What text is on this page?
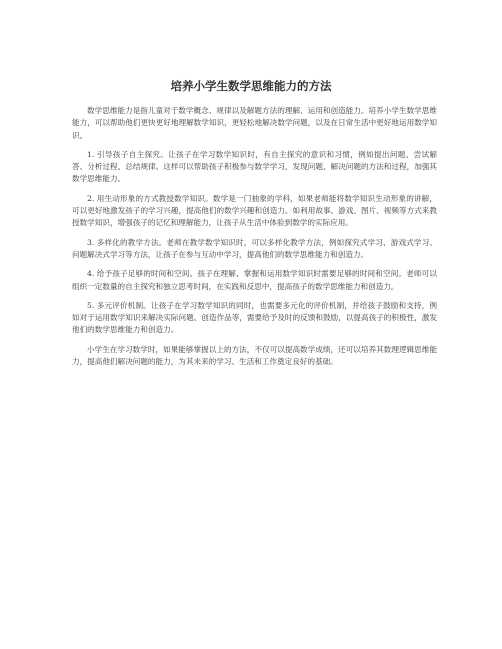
培养小学生数学思维能力的方法

数学思维能力是指儿童对于数学概念、规律以及解题方法的理解、运用和创造能力。培养小学生数学思维能力，可以帮助他们更快更好地理解数学知识，更轻松地解决数学问题，以及在日常生活中更好地运用数学知识。

1. 引导孩子自主探究。让孩子在学习数学知识时，有自主探究的意识和习惯，例如提出问题、尝试解答、分析过程、总结规律。这样可以帮助孩子积极参与数学学习，发现问题、解决问题的方法和过程，加强其数学思维能力。

2. 用生动形象的方式教授数学知识。数学是一门抽象的学科，如果老师能将数学知识生动形象的讲解，可以更好地激发孩子的学习兴趣，提高他们的数学兴趣和创造力。如利用故事、游戏、图片、视频等方式来教授数学知识，增强孩子的记忆和理解能力，让孩子从生活中体验到数学的实际应用。

3. 多样化的教学方法。老师在教学数学知识时，可以多样化教学方法，例如探究式学习、游戏式学习、问题解决式学习等方法，让孩子在参与互动中学习，提高他们的数学思维能力和创造力。

4. 给予孩子足够的时间和空间。孩子在理解、掌握和运用数学知识时需要足够的时间和空间。老师可以组织一定数量的自主探究和独立思考时间，在实践和反思中，提高孩子的数学思维能力和创造力。

5. 多元评价机制。让孩子在学习数学知识的同时，也需要多元化的评价机制，并给孩子鼓励和支持，例如对于运用数学知识来解决实际问题、创造作品等，需要给予及时的反馈和鼓励，以提高孩子的积极性，激发他们的数学思维能力和创造力。

小学生在学习数学时，如果能够掌握以上的方法，不仅可以提高数学成绩，还可以培养其数理逻辑思维能力，提高他们解决问题的能力，为其未来的学习、生活和工作奠定良好的基础。
